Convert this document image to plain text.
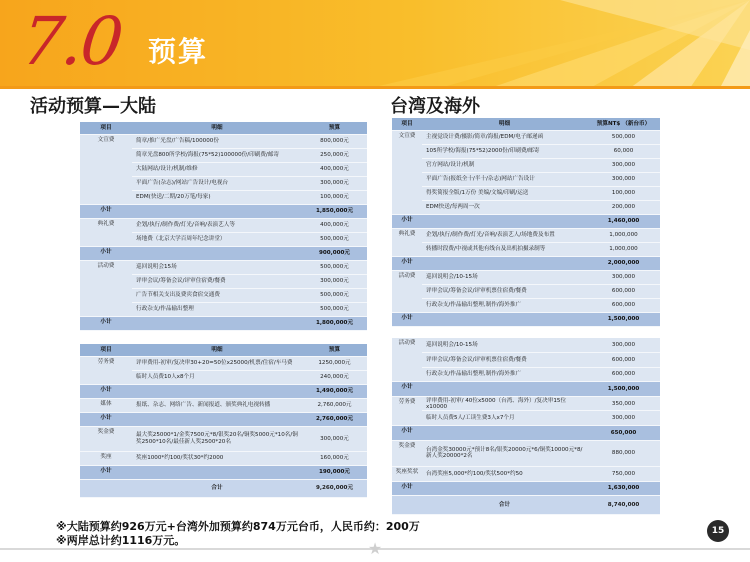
7.0 预算
活动预算—大陆	台湾及海外
项目	明细	预算
文宣费	简章/推广光盘/广告稿/100000份	800,000元
	简章光盘800所学校/海报(75*52)100000份/印刷费/邮寄	250,000元
	大陆网站/设计/机制/维修	400,000元
	平面广告(杂志)/网站广告设计/电视台	300,000元
	EDM(快送/二期/20万笔/每家)	100,000元
小计		1,850,000元
典礼费	企划/执行/制作费/灯光/音响/表演艺人等	400,000元
	场地费（北京大学百周年纪念讲堂）	500,000元
小计		900,000元
活动费	巡回说明会15场	500,000元
	评审会议/筹备会议/评审住宿费/餐费	300,000元
	广告节相关支出及费宾食宿交通费	500,000元
	行政杂支/作品输出整理	500,000元
小计		1,800,000元
项目	明细	预算
劳务费	评审费用-初审/复决审30+20=50位x25000/机票/住宿/车马费	1250,000元
	临时人员费10人x8个月	240,000元
小计		1,490,000元
媒体	报纸、杂志、网络广告、新闻报道、颁奖典礼电视转播	2,760,000元
小计		2,760,000元
奖金费	最大奖25000*1/金奖7500元*8/银奖20名/铜奖5000元*10名/铜奖2500*10名/最佳新人奖2500*20名	300,000元
奖座	奖座1000*约100/奖状30*约2000	160,000元
小计		190,000元
	合计	9,260,000元
项目	明细	预算NT$ （新台币）
文宣费	主视觉设计费/摄影/简章/海报/EDM/电子邮递函	500,000
	105所学校/海报(75*52)2000份/印刷费/邮寄	60,000
	官方网站/设计/机制	300,000
	平面广告(报纸全十/半十/杂志)网站广告设计	300,000
	得奖简报全版/1万份 美编/文编/印刷/运送	100,000
	EDM快送/每两周一次	200,000
小计		1,460,000
典礼费	企划/执行/制作费/灯光/音响/表演艺人/场地费及布置	1,000,000
	转播时段费/中视或其他有线台及出机拍摄录制等	1,000,000
小计		2,000,000
活动费	巡回说明会/10-15场	300,000
	评审会议/筹备会议/评审机票住宿费/餐费	600,000
	行政杂支/作品输出整理,制作/海外推广	600,000
小计		1,500,000
活动费	巡回说明会/10-15场	300,000
	评审会议/筹备会议/评审机票住宿费/餐费	600,000
	行政杂支/作品输出整理,制作/海外推广	600,000
小计		1,500,000
劳务费	评审费用-初审/ 40位x5000（台湾、海外）/复决审15位x10000	350,000
	临时人员费5人/工读生费3人x7个月	300,000
小计		650,000
奖金费	台湾金奖30000元*预计8名/银奖20000元*6/铜奖10000元*8/新人奖20000*2名	880,000
奖座奖状	台湾奖座5,000*约100/奖状500*约50	750,000
小计		1,630,000
	合计	8,740,000
※大陆预算约926万元+台湾外加预算约874万元台币，人民币约：200万
※两岸总计约1116万元。
15
★
